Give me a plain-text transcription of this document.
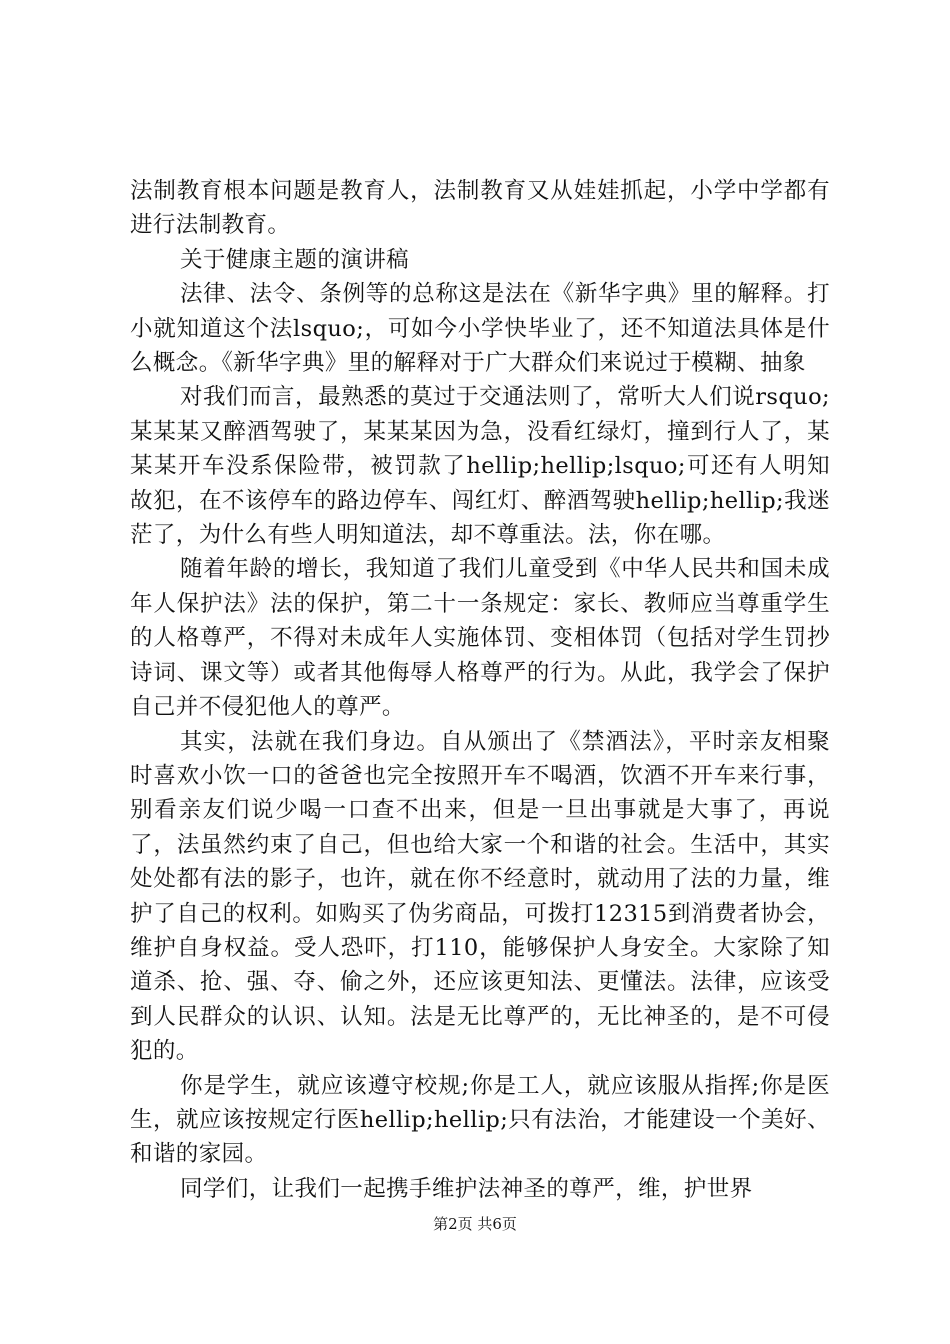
法制教育根本问题是教育人，法制教育又从娃娃抓起，小学中学都有进行法制教育。

关于健康主题的演讲稿

法律、法令、条例等的总称这是法在《新华字典》里的解释。打小就知道这个法lsquo;，可如今小学快毕业了，还不知道法具体是什么概念。《新华字典》里的解释对于广大群众们来说过于模糊、抽象

对我们而言，最熟悉的莫过于交通法则了，常听大人们说rsquo;某某某又醉酒驾驶了，某某某因为急，没看红绿灯，撞到行人了，某某某开车没系保险带，被罚款了hellip;hellip;lsquo;可还有人明知故犯，在不该停车的路边停车、闯红灯、醉酒驾驶hellip;hellip;我迷茫了，为什么有些人明知道法，却不尊重法。法，你在哪。

随着年龄的增长，我知道了我们儿童受到《中华人民共和国未成年人保护法》法的保护，第二十一条规定：家长、教师应当尊重学生的人格尊严，不得对未成年人实施体罚、变相体罚（包括对学生罚抄诗词、课文等）或者其他侮辱人格尊严的行为。从此，我学会了保护自己并不侵犯他人的尊严。

其实，法就在我们身边。自从颁出了《禁酒法》，平时亲友相聚时喜欢小饮一口的爸爸也完全按照开车不喝酒，饮酒不开车来行事，别看亲友们说少喝一口查不出来，但是一旦出事就是大事了，再说了，法虽然约束了自己，但也给大家一个和谐的社会。生活中，其实处处都有法的影子，也许，就在你不经意时，就动用了法的力量，维护了自己的权利。如购买了伪劣商品，可拨打12315到消费者协会，维护自身权益。受人恐吓，打110，能够保护人身安全。大家除了知道杀、抢、强、夺、偷之外，还应该更知法、更懂法。法律，应该受到人民群众的认识、认知。法是无比尊严的，无比神圣的，是不可侵犯的。

你是学生，就应该遵守校规;你是工人，就应该服从指挥;你是医生，就应该按规定行医hellip;hellip;只有法治，才能建设一个美好、和谐的家园。

同学们，让我们一起携手维护法神圣的尊严，维，护世界

第2页 共6页
